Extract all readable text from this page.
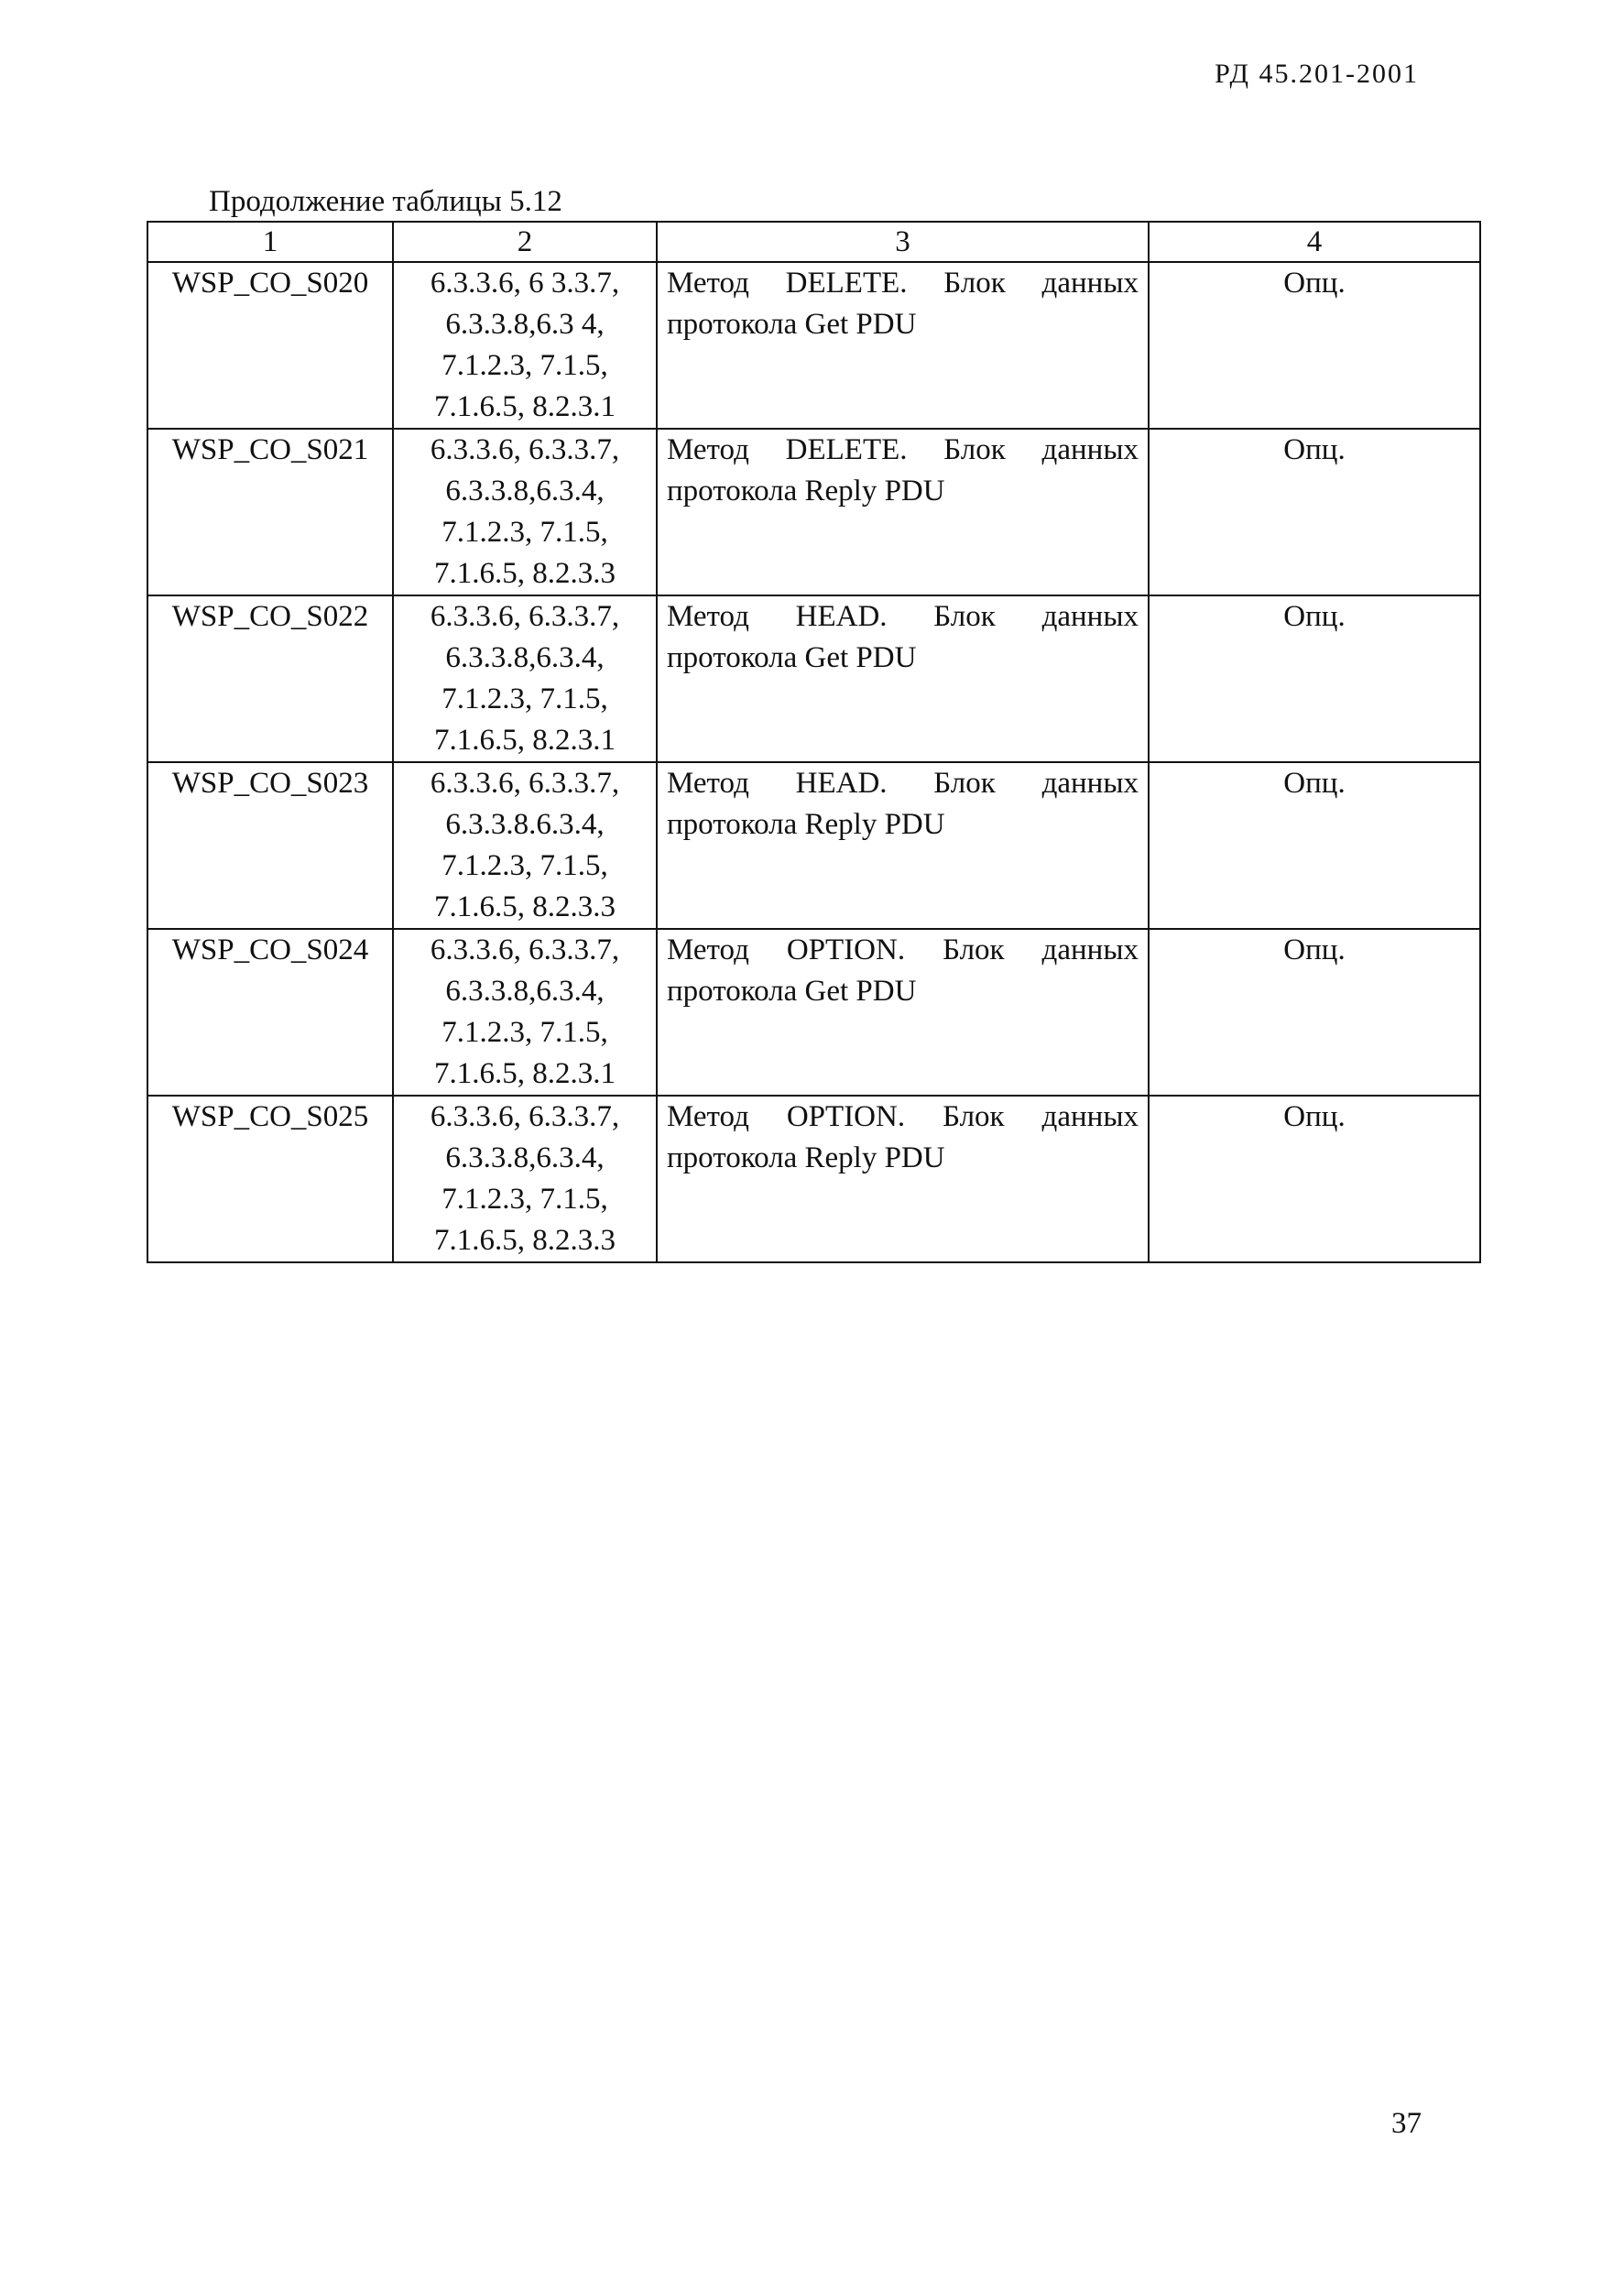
РД 45.201-2001
Продолжение таблицы 5.12
1	2	3	4
WSP_CO_S020	6.3.3.6, 6 3.3.7,
6.3.3.8,6.3 4,
7.1.2.3, 7.1.5,
7.1.6.5, 8.2.3.1	Метод DELETE. Блок данных протокола Get PDU	Опц.
WSP_CO_S021	6.3.3.6, 6.3.3.7,
6.3.3.8,6.3.4,
7.1.2.3, 7.1.5,
7.1.6.5, 8.2.3.3	Метод DELETE. Блок данных протокола Reply PDU	Опц.
WSP_CO_S022	6.3.3.6, 6.3.3.7,
6.3.3.8,6.3.4,
7.1.2.3, 7.1.5,
7.1.6.5, 8.2.3.1	Метод HEAD. Блок данных протокола Get PDU	Опц.
WSP_CO_S023	6.3.3.6, 6.3.3.7,
6.3.3.8.6.3.4,
7.1.2.3, 7.1.5,
7.1.6.5, 8.2.3.3	Метод HEAD. Блок данных протокола Reply PDU	Опц.
WSP_CO_S024	6.3.3.6, 6.3.3.7,
6.3.3.8,6.3.4,
7.1.2.3, 7.1.5,
7.1.6.5, 8.2.3.1	Метод OPTION. Блок данных протокола Get PDU	Опц.
WSP_CO_S025	6.3.3.6, 6.3.3.7,
6.3.3.8,6.3.4,
7.1.2.3, 7.1.5,
7.1.6.5, 8.2.3.3	Метод OPTION. Блок данных протокола Reply PDU	Опц.
37
